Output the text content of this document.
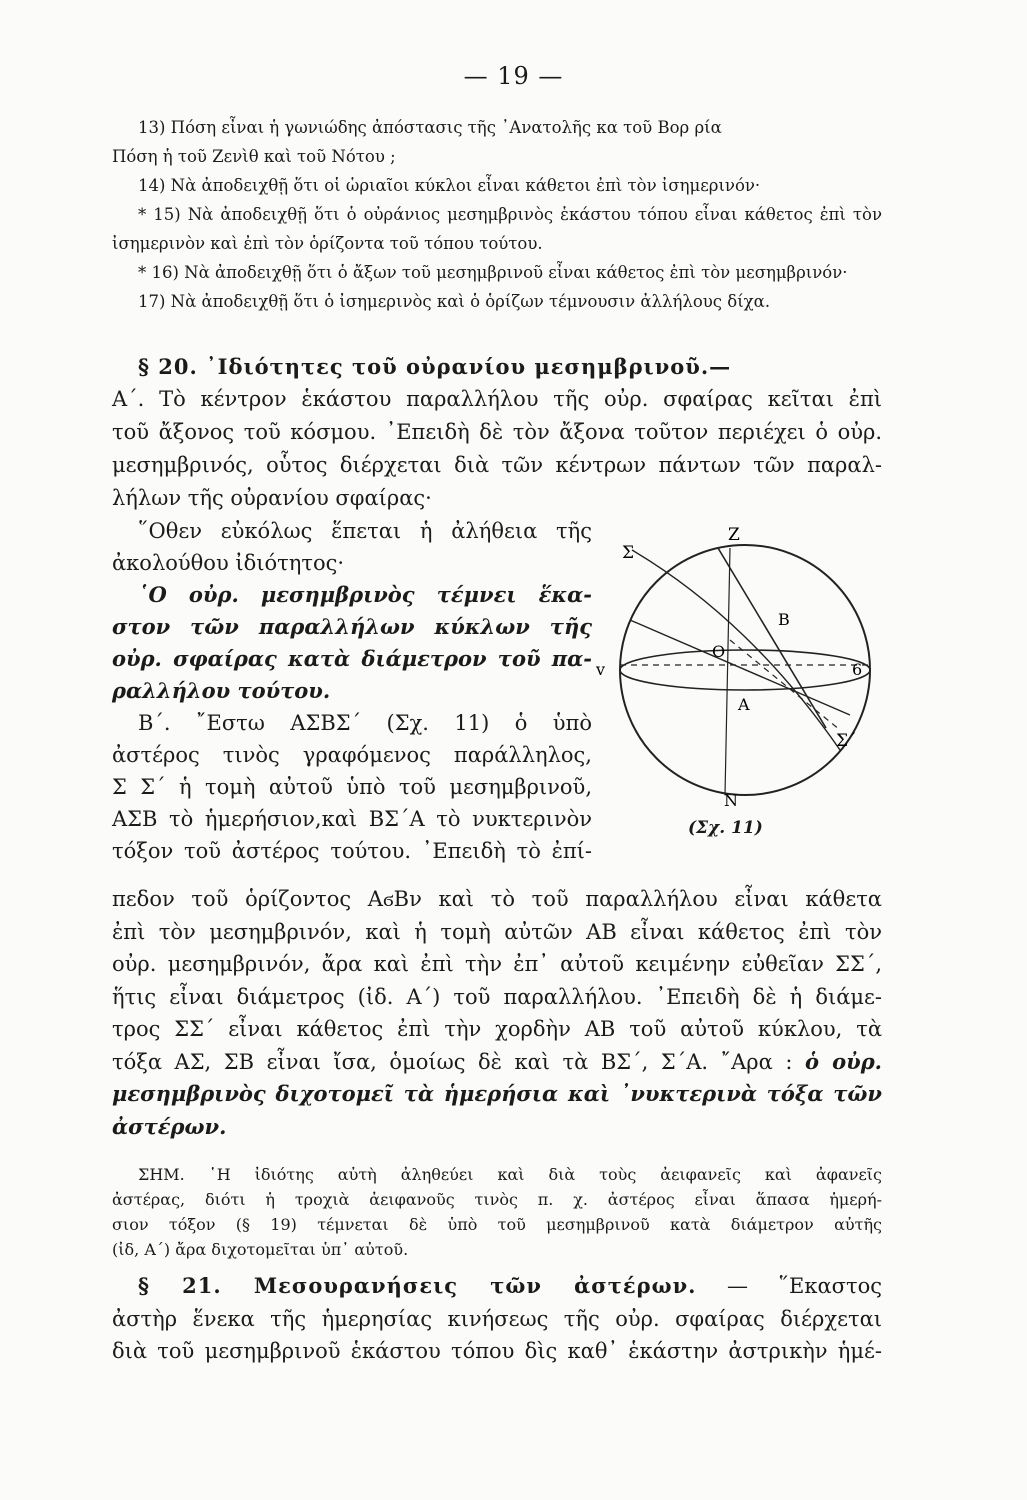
— 19 —

13) Πόση εἶναι ἡ γωνιώδης ἀπόστασις τῆς ᾽Ανατολῆς κα τοῦ Βορ ρία

Πόση ἡ τοῦ Ζενὶθ καὶ τοῦ Νότου ;

14) Νὰ ἀποδειχθῇ ὅτι οἱ ὡριαῖοι κύκλοι εἶναι κάθετοι ἐπὶ τὸν ἰσημερινόν·

* 15) Νὰ ἀποδειχθῇ ὅτι ὁ οὐράνιος μεσημβρινὸς ἑκάστου τόπου εἶναι κάθετος ἐπὶ τὸν ἰσημερινὸν καὶ ἐπὶ τὸν ὁρίζοντα τοῦ τόπου τούτου.

* 16) Νὰ ἀποδειχθῇ ὅτι ὁ ἄξων τοῦ μεσημβρινοῦ εἶναι κάθετος ἐπὶ τὸν μεσημβρινόν·

17) Νὰ ἀποδειχθῇ ὅτι ὁ ἰσημερινὸς καὶ ὁ ὁρίζων τέμνουσιν ἀλλήλους δίχα.

§ 20. ᾿Ιδιότητες τοῦ οὐρανίου μεσημβρινοῦ.—

Α΄. Τὸ κέντρον ἑκάστου παραλλήλου τῆς οὐρ. σφαίρας κεῖται ἐπὶ

τοῦ ἄξονος τοῦ κόσμου. ᾿Επειδὴ δὲ τὸν ἄξονα τοῦτον περιέχει ὁ οὐρ.

μεσημβρινός, οὗτος διέρχεται διὰ τῶν κέντρων πάντων τῶν παραλ-

λήλων τῆς οὐρανίου σφαίρας·

῞Οθεν εὐκόλως ἕπεται ἡ ἀλήθεια τῆς

ἀκολούθου ἰδιότητος·

῾Ο οὐρ. μεσημβρινὸς τέμνει ἕκα-

στον τῶν παραλλήλων κύκλων τῆς

οὐρ. σφαίρας κατὰ διάμετρον τοῦ πα-

ραλλήλου τούτου.

Β΄. ῎Εστω ΑΣΒΣ΄ (Σχ. 11) ὁ ὑπὸ

ἀστέρος τινὸς γραφόμενος παράλληλος,

Σ Σ΄ ἡ τομὴ αὐτοῦ ὑπὸ τοῦ μεσημβρινοῦ,

ΑΣΒ τὸ ἡμερήσιον,καὶ ΒΣ΄Α τὸ νυκτερινὸν

τόξον τοῦ ἀστέρος τούτου. ᾿Επειδὴ τὸ ἐπί-

Z
Σ
B
O
v	6
A
Σ΄
N
(Σχ. 11)

πεδον τοῦ ὁρίζοντος ΑϭΒν καὶ τὸ τοῦ παραλλήλου εἶναι κάθετα

ἐπὶ τὸν μεσημβρινόν, καὶ ἡ τομὴ αὐτῶν ΑΒ εἶναι κάθετος ἐπὶ τὸν

οὐρ. μεσημβρινόν, ἄρα καὶ ἐπὶ τὴν ἐπ᾽ αὐτοῦ κειμένην εὐθεῖαν ΣΣ΄,

ἥτις εἶναι διάμετρος (ἰδ. Α΄) τοῦ παραλλήλου. ᾿Επειδὴ δὲ ἡ διάμε-

τρος ΣΣ΄ εἶναι κάθετος ἐπὶ τὴν χορδὴν ΑΒ τοῦ αὐτοῦ κύκλου, τὰ

τόξα ΑΣ, ΣΒ εἶναι ἴσα, ὁμοίως δὲ καὶ τὰ ΒΣ΄, Σ΄Α. ῎Αρα : ὁ οὐρ.

μεσημβρινὸς διχοτομεῖ τὰ ἡμερήσια καὶ ᾽νυκτερινὰ τόξα τῶν

ἀστέρων.

ΣΗΜ. ῾Η ἰδιότης αὐτὴ ἀληθεύει καὶ διὰ τοὺς ἀειφανεῖς καὶ ἀφανεῖς

ἀστέρας, διότι ἡ τροχιὰ ἀειφανοῦς τινὸς π. χ. ἀστέρος εἶναι ἅπασα ἡμερή-

σιον τόξον (§ 19) τέμνεται δὲ ὑπὸ τοῦ μεσημβρινοῦ κατὰ διάμετρον αὐτῆς

(ἰδ, Α΄) ἄρα διχοτομεῖται ὑπ᾽ αὐτοῦ.

§ 21. Μεσουρανήσεις τῶν ἀστέρων. — ῞Εκαστος

ἀστὴρ ἕνεκα τῆς ἡμερησίας κινήσεως τῆς οὐρ. σφαίρας διέρχεται

διὰ τοῦ μεσημβρινοῦ ἑκάστου τόπου δὶς καθ᾽ ἑκάστην ἀστρικὴν ἡμέ-
